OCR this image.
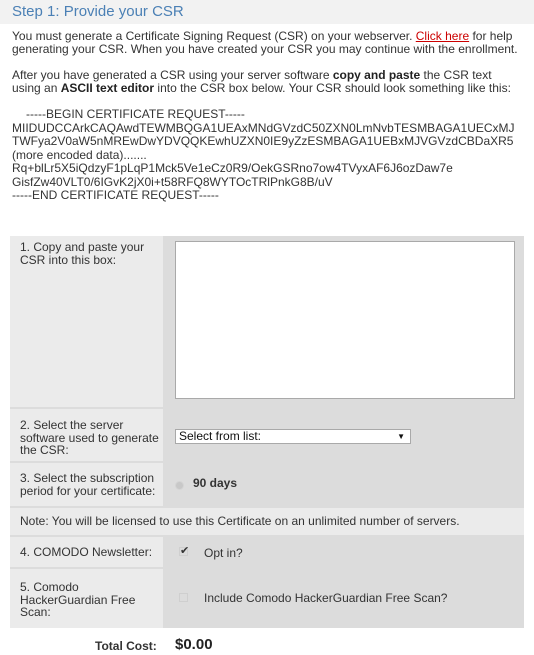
Step 1: Provide your CSR

You must generate a Certificate Signing Request (CSR) on your webserver. Click here for help generating your CSR. When you have created your CSR you may continue with the enrollment.

After you have generated a CSR using your server software copy and paste the CSR text using an ASCII text editor into the CSR box below. Your CSR should look something like this:

-----BEGIN CERTIFICATE REQUEST-----
MIIDUDCCArkCAQAwdTEWMBQGA1UEAxMNdGVzdC50ZXN0LmNvbTESMBAGA1UECxMJ
TWFya2V0aW5nMREwDwYDVQQKEwhUZXN0IE9yZzESMBAGA1UEBxMJVGVzdCBDaXR5
(more encoded data).......
Rq+blLr5X5iQdzyF1pLqP1Mck5Ve1eCz0R9/OekGSRno7ow4TVyxAF6J6ozDaw7e
GisfZw40VLT0/6IGvK2jX0i+t58RFQ8WYTOcTRlPnkG8B/uV
-----END CERTIFICATE REQUEST-----
1. Copy and paste your CSR into this box:
2. Select the server software used to generate the CSR:
Select from list:	▼
3. Select the subscription period for your certificate:
90 days
Note: You will be licensed to use this Certificate on an unlimited number of servers.
4. COMODO Newsletter:	✔ Opt in?
5. Comodo HackerGuardian Free Scan:
Include Comodo HackerGuardian Free Scan?
Total Cost: $0.00
